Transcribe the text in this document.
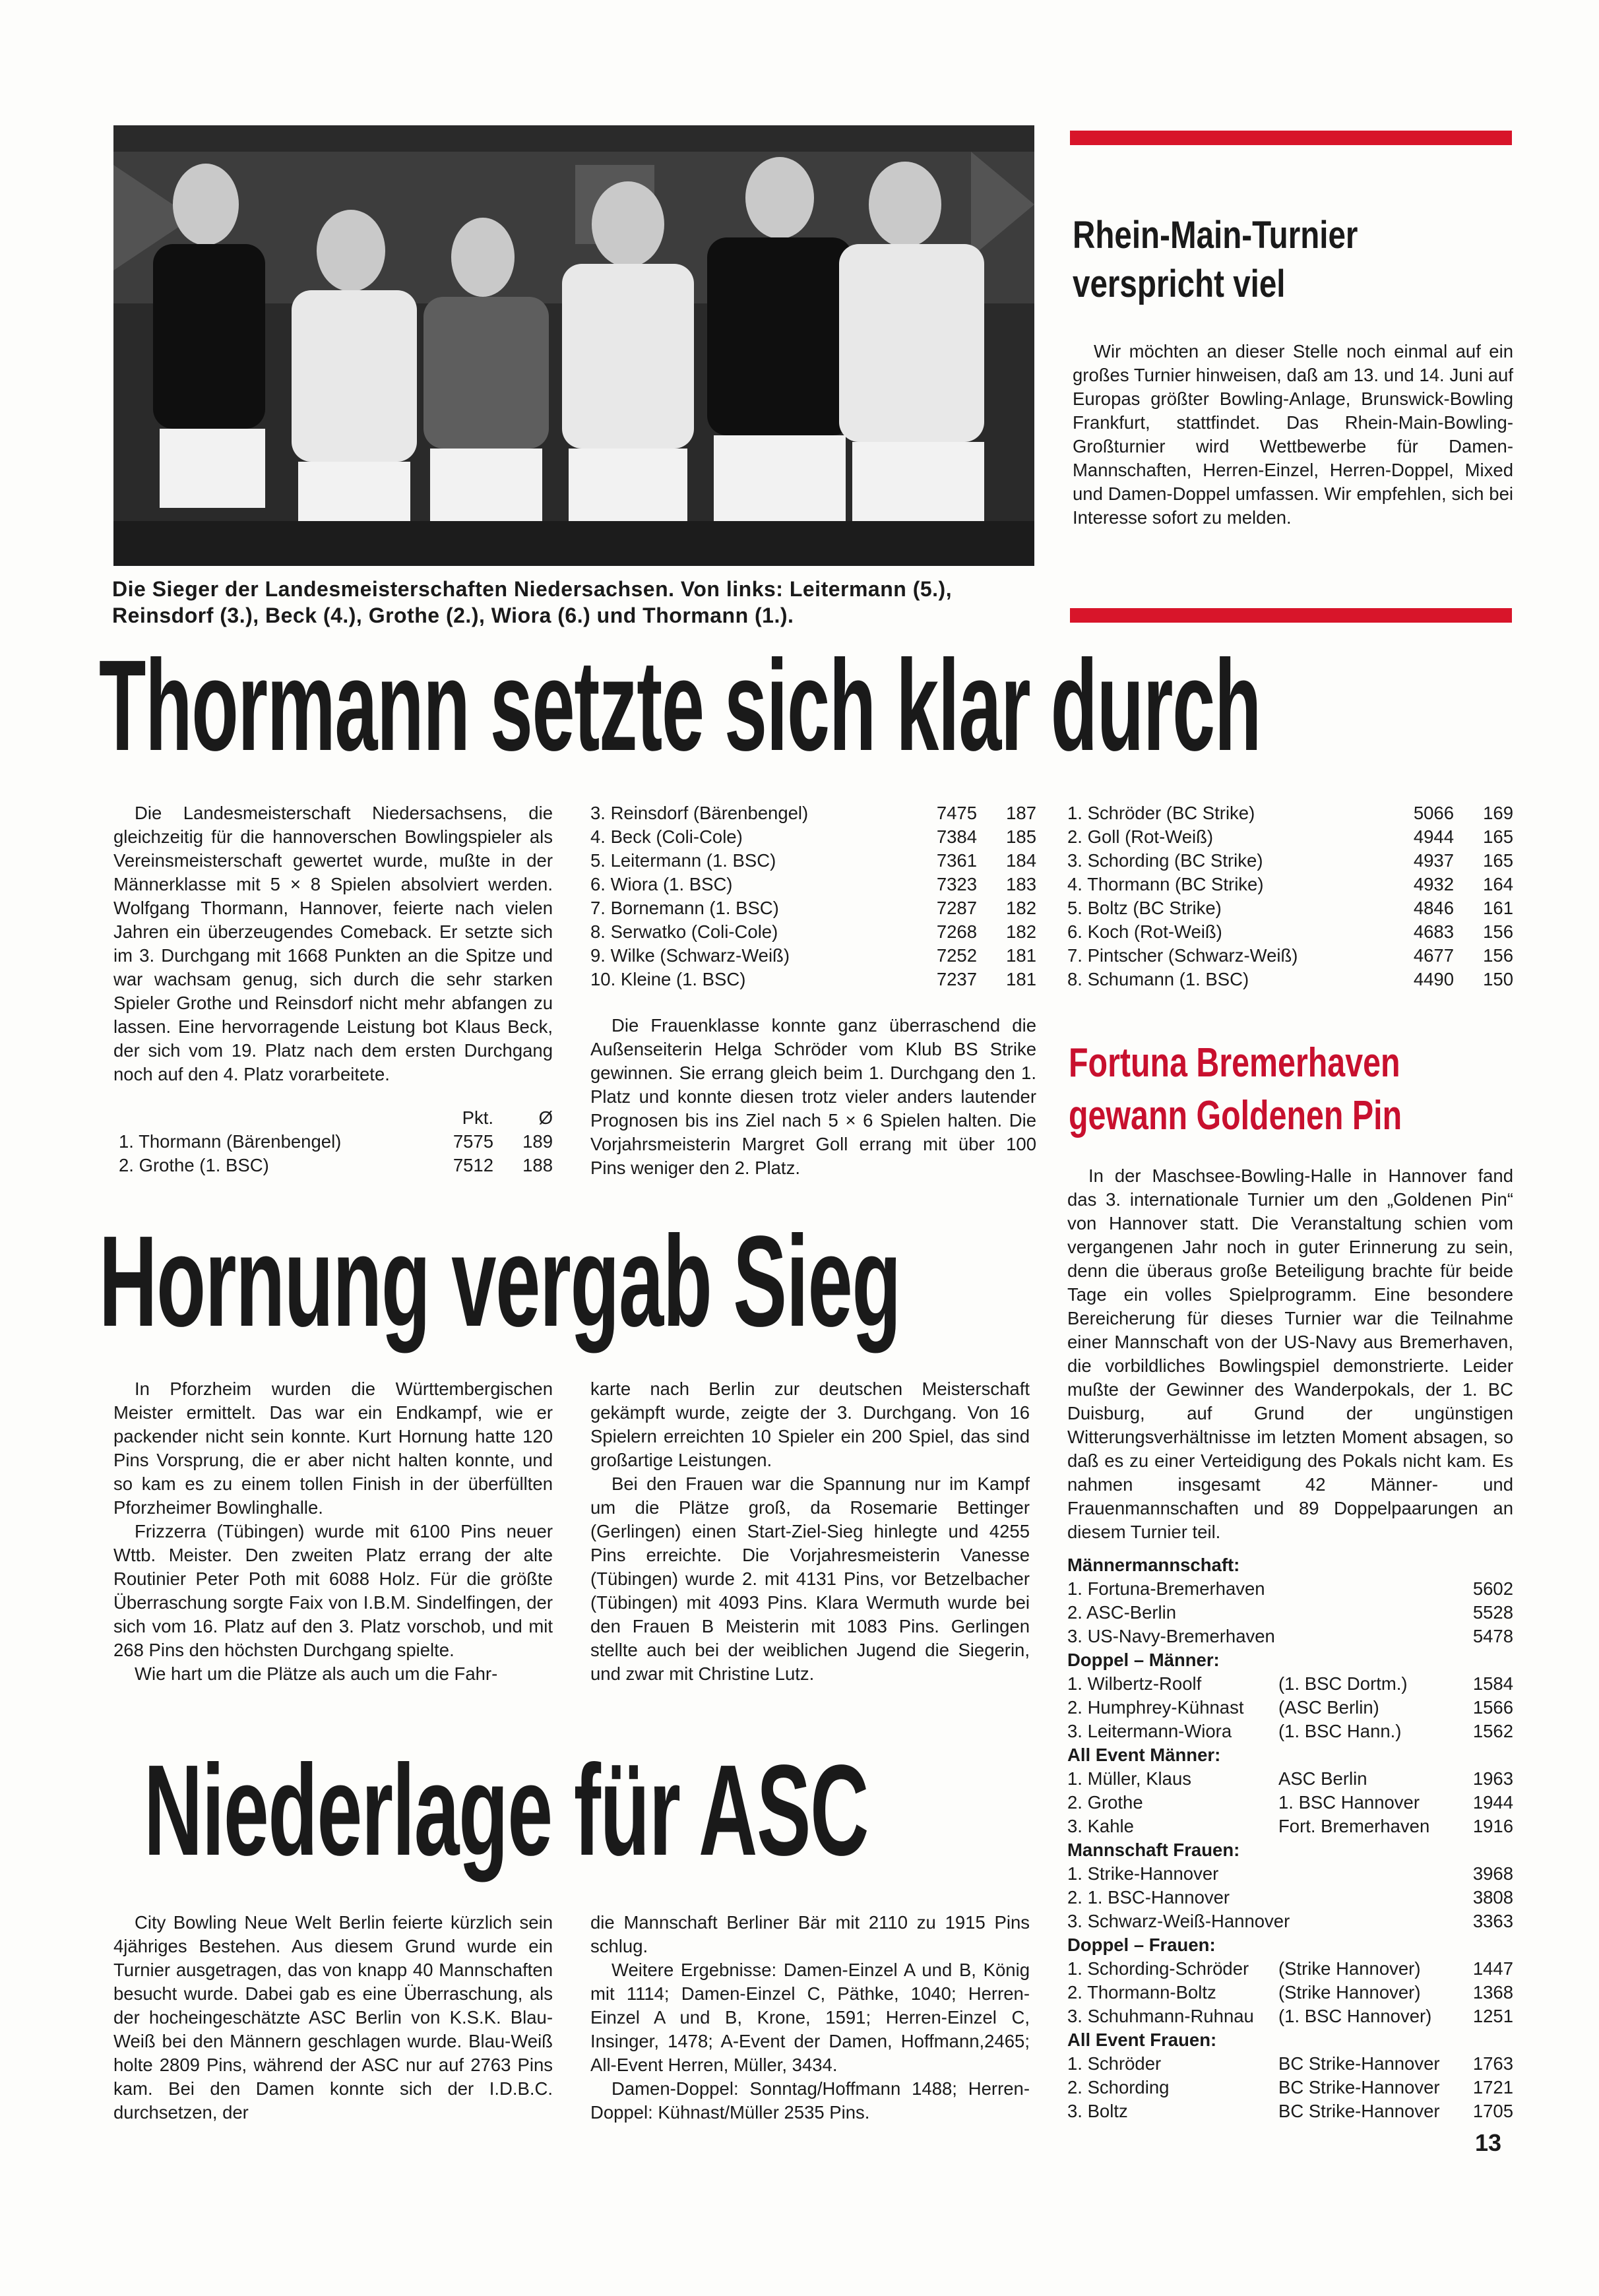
Die Sieger der Landesmeisterschaften Niedersachsen. Von links: Leitermann (5.), Reinsdorf (3.), Beck (4.), Grothe (2.), Wiora (6.) und Thormann (1.).
Rhein-Main-Turnier
verspricht viel

Wir möchten an dieser Stelle noch einmal auf ein großes Turnier hinweisen, daß am 13. und 14. Juni auf Europas größter Bowling-Anlage, Brunswick-Bowling Frankfurt, stattfindet. Das Rhein-Main-Bowling-Großturnier wird Wettbewerbe für Damen-Mannschaften, Herren-Einzel, Herren-Doppel, Mixed und Damen-Doppel umfassen. Wir empfehlen, sich bei Interesse sofort zu melden.

Thormann setzte sich klar durch

Die Landesmeisterschaft Niedersachsens, die gleichzeitig für die hannoverschen Bowlingspieler als Vereinsmeisterschaft gewertet wurde, mußte in der Männerklasse mit 5 × 8 Spielen absolviert werden. Wolfgang Thormann, Hannover, feierte nach vielen Jahren ein überzeugendes Comeback. Er setzte sich im 3. Durchgang mit 1668 Punkten an die Spitze und war wachsam genug, sich durch die sehr starken Spieler Grothe und Reinsdorf nicht mehr abfangen zu lassen. Eine hervorragende Leistung bot Klaus Beck, der sich vom 19. Platz nach dem ersten Durchgang noch auf den 4. Platz vorarbeitete.

	Pkt.	Ø
1. Thormann (Bärenbengel)	7575	189
2. Grothe (1. BSC)	7512	188
3. Reinsdorf (Bärenbengel)	7475	187
4. Beck (Coli-Cole)	7384	185
5. Leitermann (1. BSC)	7361	184
6. Wiora (1. BSC)	7323	183
7. Bornemann (1. BSC)	7287	182
8. Serwatko (Coli-Cole)	7268	182
9. Wilke (Schwarz-Weiß)	7252	181
10. Kleine (1. BSC)	7237	181

Die Frauenklasse konnte ganz überraschend die Außenseiterin Helga Schröder vom Klub BS Strike gewinnen. Sie errang gleich beim 1. Durchgang den 1. Platz und konnte diesen trotz vieler anders lautender Prognosen bis ins Ziel nach 5 × 6 Spielen halten. Die Vorjahrsmeisterin Margret Goll errang mit über 100 Pins weniger den 2. Platz.

1. Schröder (BC Strike)	5066	169
2. Goll (Rot-Weiß)	4944	165
3. Schording (BC Strike)	4937	165
4. Thormann (BC Strike)	4932	164
5. Boltz (BC Strike)	4846	161
6. Koch (Rot-Weiß)	4683	156
7. Pintscher (Schwarz-Weiß)	4677	156
8. Schumann (1. BSC)	4490	150
Fortuna Bremerhaven
gewann Goldenen Pin

In der Maschsee-Bowling-Halle in Hannover fand das 3. internationale Turnier um den „Goldenen Pin“ von Hannover statt. Die Veranstaltung schien vom vergangenen Jahr noch in guter Erinnerung zu sein, denn die überaus große Beteiligung brachte für beide Tage ein volles Spielprogramm. Eine besondere Bereicherung für dieses Turnier war die Teilnahme einer Mannschaft von der US-Navy aus Bremerhaven, die vorbildliches Bowlingspiel demonstrierte. Leider mußte der Gewinner des Wanderpokals, der 1. BC Duisburg, auf Grund der ungünstigen Witterungsverhältnisse im letzten Moment absagen, so daß es zu einer Verteidigung des Pokals nicht kam. Es nahmen insgesamt 42 Männer- und Frauenmannschaften und 89 Doppelpaarungen an diesem Turnier teil.

Männermannschaft:
1. Fortuna-Bremerhaven		5602
2. ASC-Berlin		5528
3. US-Navy-Bremerhaven		5478
Doppel – Männer:
1. Wilbertz-Roolf	(1. BSC Dortm.)	1584
2. Humphrey-Kühnast	(ASC Berlin)	1566
3. Leitermann-Wiora	(1. BSC Hann.)	1562
All Event Männer:
1. Müller, Klaus	ASC Berlin	1963
2. Grothe	1. BSC Hannover	1944
3. Kahle	Fort. Bremerhaven	1916
Mannschaft Frauen:
1. Strike-Hannover		3968
2. 1. BSC-Hannover		3808
3. Schwarz-Weiß-Hannover		3363
Doppel – Frauen:
1. Schording-Schröder	(Strike Hannover)	1447
2. Thormann-Boltz	(Strike Hannover)	1368
3. Schuhmann-Ruhnau	(1. BSC Hannover)	1251
All Event Frauen:
1. Schröder	BC Strike-Hannover	1763
2. Schording	BC Strike-Hannover	1721
3. Boltz	BC Strike-Hannover	1705
Hornung vergab Sieg

In Pforzheim wurden die Württembergischen Meister ermittelt. Das war ein Endkampf, wie er packender nicht sein konnte. Kurt Hornung hatte 120 Pins Vorsprung, die er aber nicht halten konnte, und so kam es zu einem tollen Finish in der überfüllten Pforzheimer Bowlinghalle.

Frizzerra (Tübingen) wurde mit 6100 Pins neuer Wttb. Meister. Den zweiten Platz errang der alte Routinier Peter Poth mit 6088 Holz. Für die größte Überraschung sorgte Faix von I.B.M. Sindelfingen, der sich vom 16. Platz auf den 3. Platz vorschob, und mit 268 Pins den höchsten Durchgang spielte.

Wie hart um die Plätze als auch um die Fahr-

karte nach Berlin zur deutschen Meisterschaft gekämpft wurde, zeigte der 3. Durchgang. Von 16 Spielern erreichten 10 Spieler ein 200 Spiel, das sind großartige Leistungen.

Bei den Frauen war die Spannung nur im Kampf um die Plätze groß, da Rosemarie Bettinger (Gerlingen) einen Start-Ziel-Sieg hinlegte und 4255 Pins erreichte. Die Vorjahresmeisterin Vanesse (Tübingen) wurde 2. mit 4131 Pins, vor Betzelbacher (Tübingen) mit 4093 Pins. Klara Wermuth wurde bei den Frauen B Meisterin mit 1083 Pins. Gerlingen stellte auch bei der weiblichen Jugend die Siegerin, und zwar mit Christine Lutz.

Niederlage für ASC

City Bowling Neue Welt Berlin feierte kürzlich sein 4jähriges Bestehen. Aus diesem Grund wurde ein Turnier ausgetragen, das von knapp 40 Mannschaften besucht wurde. Dabei gab es eine Überraschung, als der hocheingeschätzte ASC Berlin von K.S.K. Blau-Weiß bei den Männern geschlagen wurde. Blau-Weiß holte 2809 Pins, während der ASC nur auf 2763 Pins kam. Bei den Damen konnte sich der I.D.B.C. durchsetzen, der

die Mannschaft Berliner Bär mit 2110 zu 1915 Pins schlug.

Weitere Ergebnisse: Damen-Einzel A und B, König mit 1114; Damen-Einzel C, Päthke, 1040; Herren-Einzel A und B, Krone, 1591; Herren-Einzel C, Insinger, 1478; A-Event der Damen, Hoffmann,2465; All-Event Herren, Müller, 3434.

Damen-Doppel: Sonntag/Hoffmann 1488; Herren-Doppel: Kühnast/Müller 2535 Pins.

13
